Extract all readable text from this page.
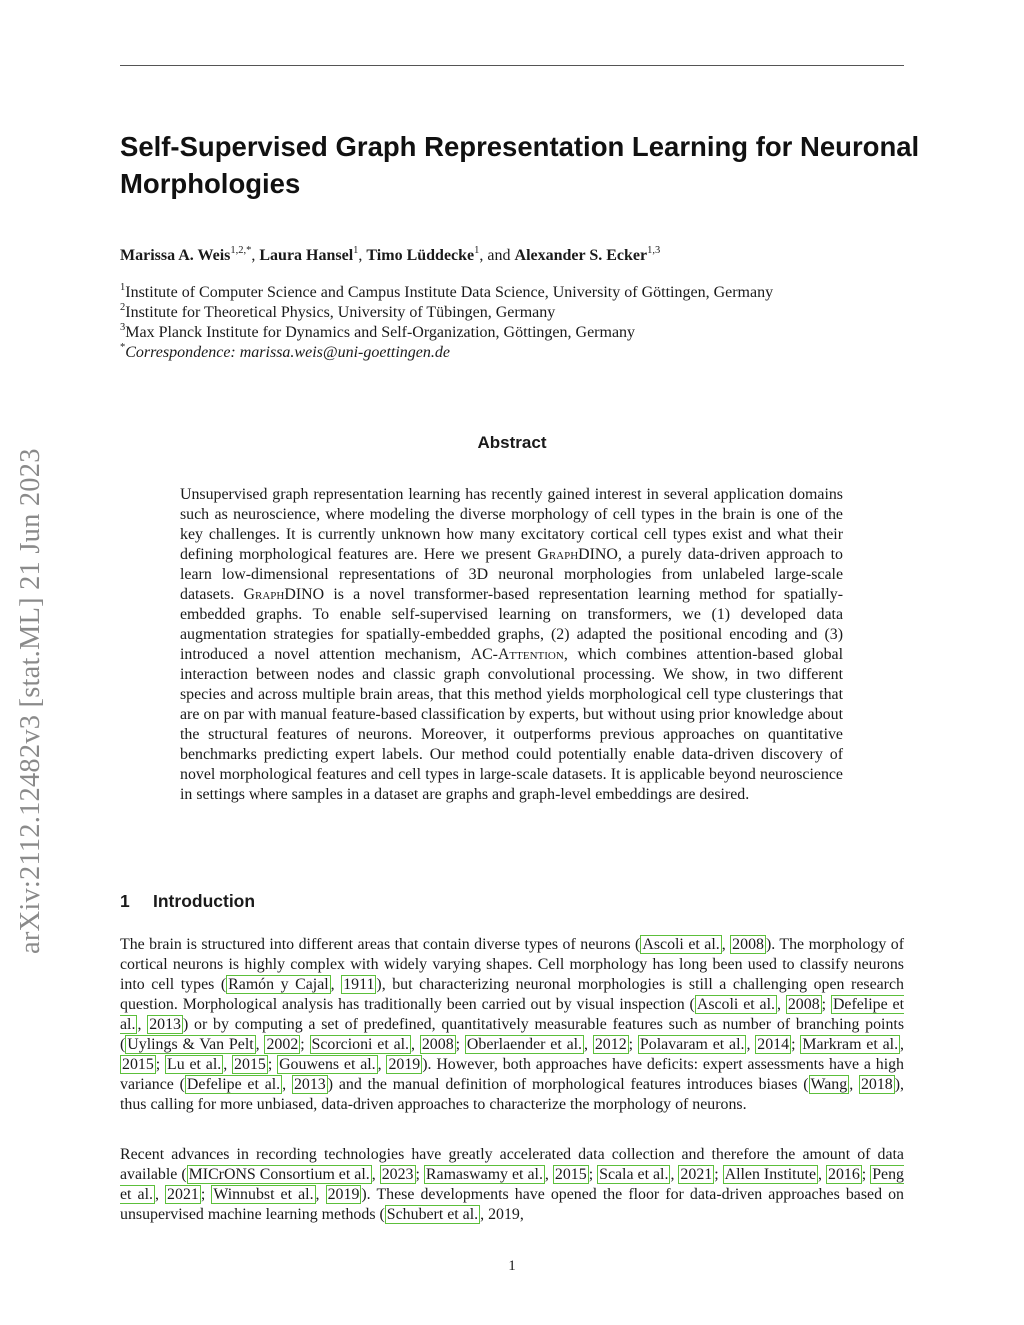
arXiv:2112.12482v3 [stat.ML] 21 Jun 2023
Self-Supervised Graph Representation Learning for Neuronal Morphologies
Marissa A. Weis$^{1,2,*}$, Laura Hansel$^1$, Timo Lüddecke$^1$, and Alexander S. Ecker$^{1,3}$
$^1$Institute of Computer Science and Campus Institute Data Science, University of Göttingen, Germany
$^2$Institute for Theoretical Physics, University of Tübingen, Germany
$^3$Max Planck Institute for Dynamics and Self-Organization, Göttingen, Germany
*Correspondence: marissa.weis@uni-goettingen.de
Abstract

Unsupervised graph representation learning has recently gained interest in several application domains such as neuroscience, where modeling the diverse morphology of cell types in the brain is one of the key challenges. It is currently unknown how many excitatory cortical cell types exist and what their defining morphological features are. Here we present GraphDINO, a purely data-driven approach to learn low-dimensional representations of 3D neuronal morphologies from unlabeled large-scale datasets. GraphDINO is a novel transformer-based representation learning method for spatially-embedded graphs. To enable self-supervised learning on transformers, we (1) developed data augmentation strategies for spatially-embedded graphs, (2) adapted the positional encoding and (3) introduced a novel attention mechanism, AC-Attention, which combines attention-based global interaction between nodes and classic graph convolutional processing. We show, in two different species and across multiple brain areas, that this method yields morphological cell type clusterings that are on par with manual feature-based classification by experts, but without using prior knowledge about the structural features of neurons. Moreover, it outperforms previous approaches on quantitative benchmarks predicting expert labels. Our method could potentially enable data-driven discovery of novel morphological features and cell types in large-scale datasets. It is applicable beyond neuroscience in settings where samples in a dataset are graphs and graph-level embeddings are desired.

1 Introduction

The brain is structured into different areas that contain diverse types of neurons ( Ascoli et al. , 2008 ). The morphology of cortical neurons is highly complex with widely varying shapes. Cell morphology has long been used to classify neurons into cell types ( Ramón y Cajal , 1911 ), but characterizing neuronal morphologies is still a challenging open research question. Morphological analysis has traditionally been carried out by visual inspection ( Ascoli et al. , 2008 ; Defelipe et al. , 2013 ) or by computing a set of predefined, quantitatively measurable features such as number of branching points ( Uylings & Van Pelt , 2002 ; Scorcioni et al. , 2008 ; Oberlaender et al. , 2012 ; Polavaram et al. , 2014 ; Markram et al. , 2015 ; Lu et al. , 2015 ; Gouwens et al. , 2019 ). However, both approaches have deficits: expert assessments have a high variance ( Defelipe et al. , 2013 ) and the manual definition of morphological features introduces biases ( Wang , 2018 ), thus calling for more unbiased, data-driven approaches to characterize the morphology of neurons.

Recent advances in recording technologies have greatly accelerated data collection and therefore the amount of data available ( MICrONS Consortium et al. , 2023 ; Ramaswamy et al. , 2015 ; Scala et al. , 2021 ; Allen Institute , 2016 ; Peng et al. , 2021 ; Winnubst et al. , 2019 ). These developments have opened the floor for data-driven approaches based on unsupervised machine learning methods ( Schubert et al. , 2019,

1
